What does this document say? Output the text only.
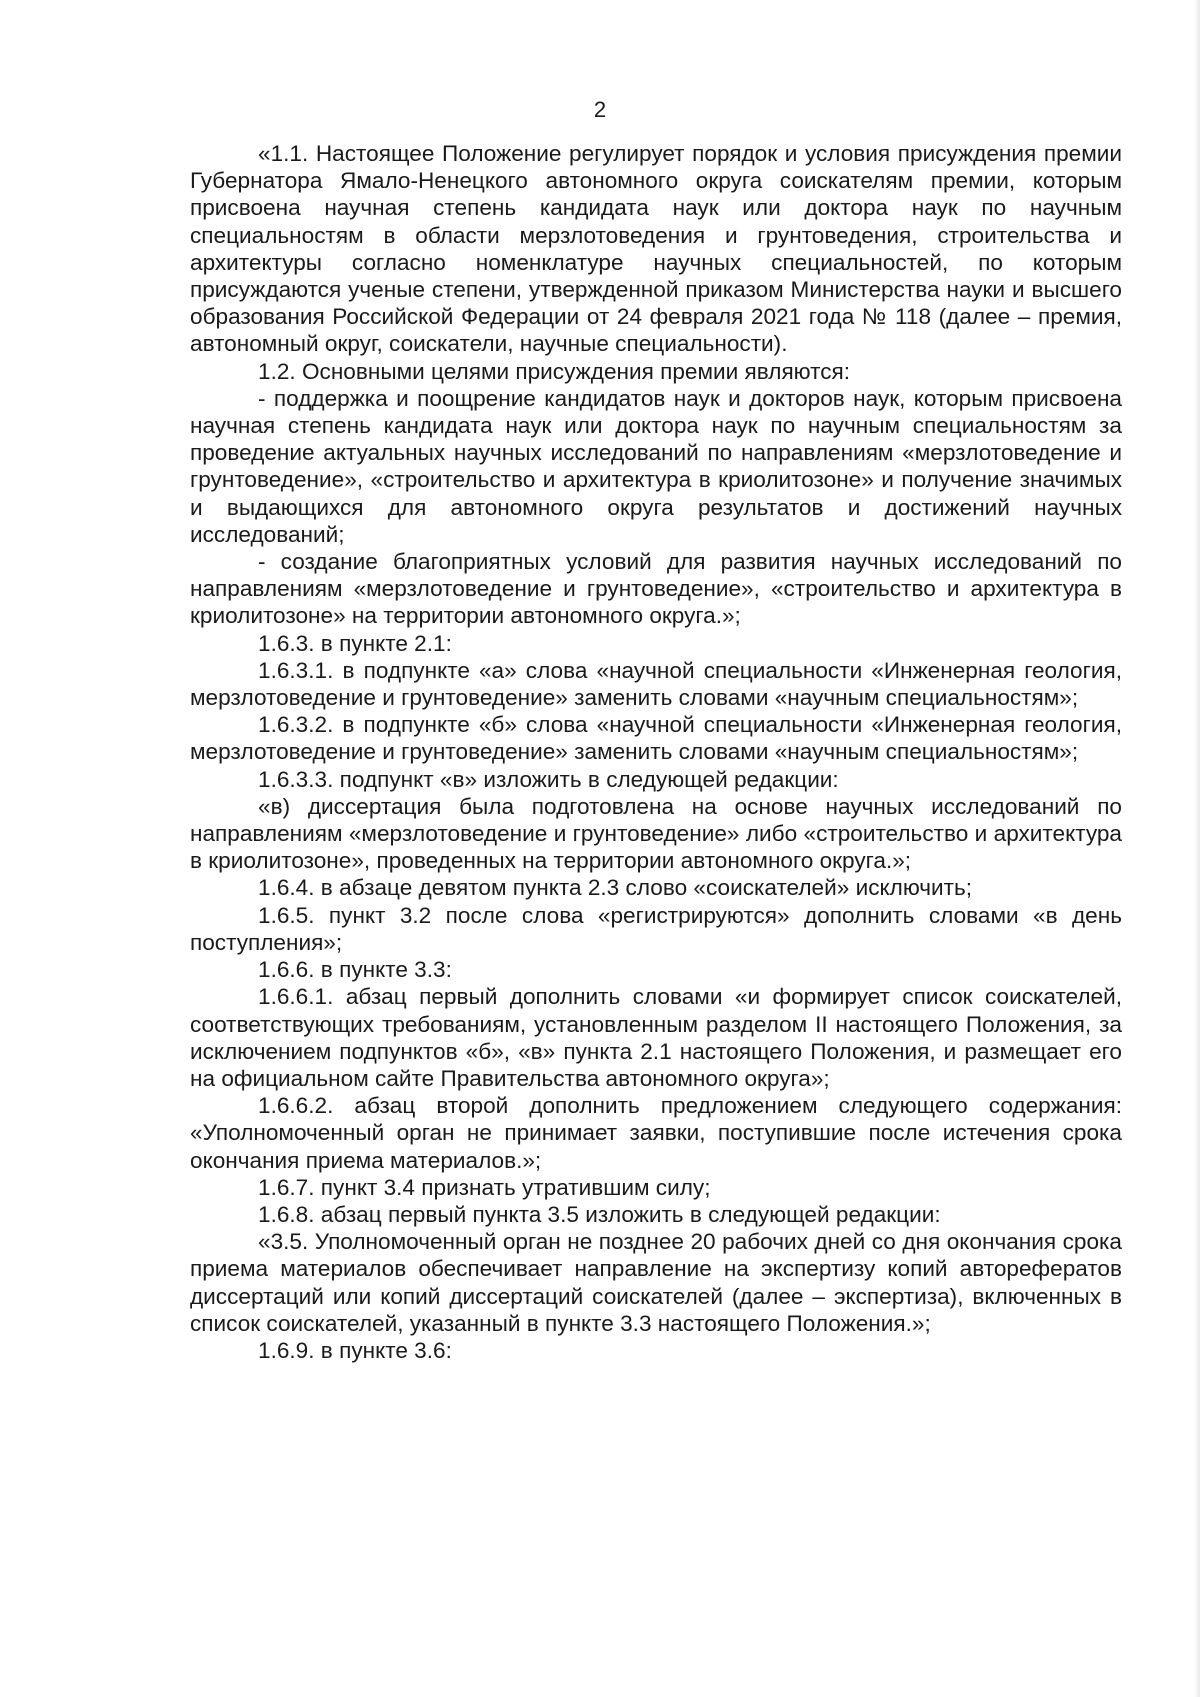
2

«1.1. Настоящее Положение регулирует порядок и условия присуждения премии Губернатора Ямало-Ненецкого автономного округа соискателям премии, которым присвоена научная степень кандидата наук или доктора наук по научным специальностям в области мерзлотоведения и грунтоведения, строительства и архитектуры согласно номенклатуре научных специальностей, по которым присуждаются ученые степени, утвержденной приказом Министерства науки и высшего образования Российской Федерации от 24 февраля 2021 года № 118 (далее – премия, автономный округ, соискатели, научные специальности).

1.2. Основными целями присуждения премии являются:

- поддержка и поощрение кандидатов наук и докторов наук, которым присвоена научная степень кандидата наук или доктора наук по научным специальностям за проведение актуальных научных исследований по направлениям «мерзлотоведение и грунтоведение», «строительство и архитектура в криолитозоне» и получение значимых и выдающихся для автономного округа результатов и достижений научных исследований;

- создание благоприятных условий для развития научных исследований по направлениям «мерзлотоведение и грунтоведение», «строительство и архитектура в криолитозоне» на территории автономного округа.»;

1.6.3. в пункте 2.1:

1.6.3.1. в подпункте «а» слова «научной специальности «Инженерная геология, мерзлотоведение и грунтоведение» заменить словами «научным специальностям»;

1.6.3.2. в подпункте «б» слова «научной специальности «Инженерная геология, мерзлотоведение и грунтоведение» заменить словами «научным специальностям»;

1.6.3.3. подпункт «в» изложить в следующей редакции:

«в) диссертация была подготовлена на основе научных исследований по направлениям «мерзлотоведение и грунтоведение» либо «строительство и архитектура в криолитозоне», проведенных на территории автономного округа.»;

1.6.4. в абзаце девятом пункта 2.3 слово «соискателей» исключить;

1.6.5. пункт 3.2 после слова «регистрируются» дополнить словами «в день поступления»;

1.6.6. в пункте 3.3:

1.6.6.1. абзац первый дополнить словами «и формирует список соискателей, соответствующих требованиям, установленным разделом II настоящего Положения, за исключением подпунктов «б», «в» пункта 2.1 настоящего Положения, и размещает его на официальном сайте Правительства автономного округа»;

1.6.6.2. абзац второй дополнить предложением следующего содержания: «Уполномоченный орган не принимает заявки, поступившие после истечения срока окончания приема материалов.»;

1.6.7. пункт 3.4 признать утратившим силу;

1.6.8. абзац первый пункта 3.5 изложить в следующей редакции:

«3.5. Уполномоченный орган не позднее 20 рабочих дней со дня окончания срока приема материалов обеспечивает направление на экспертизу копий авторефератов диссертаций или копий диссертаций соискателей (далее – экспертиза), включенных в список соискателей, указанный в пункте 3.3 настоящего Положения.»;

1.6.9. в пункте 3.6:
